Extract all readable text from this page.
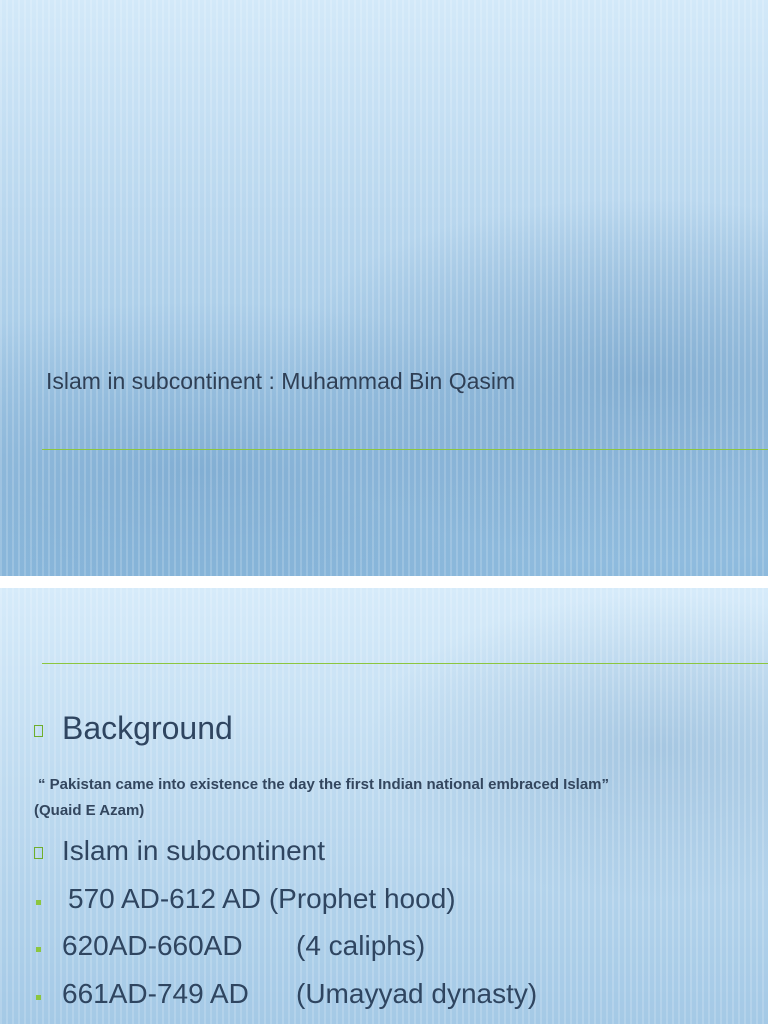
Islam in subcontinent : Muhammad Bin Qasim

Background

“ Pakistan came into existence the day the first Indian national embraced Islam”

(Quaid E Azam)

Islam in subcontinent

570 AD-612 AD (Prophet hood)

620AD-660AD (4 caliphs)

661AD-749 AD (Umayyad dynasty)
